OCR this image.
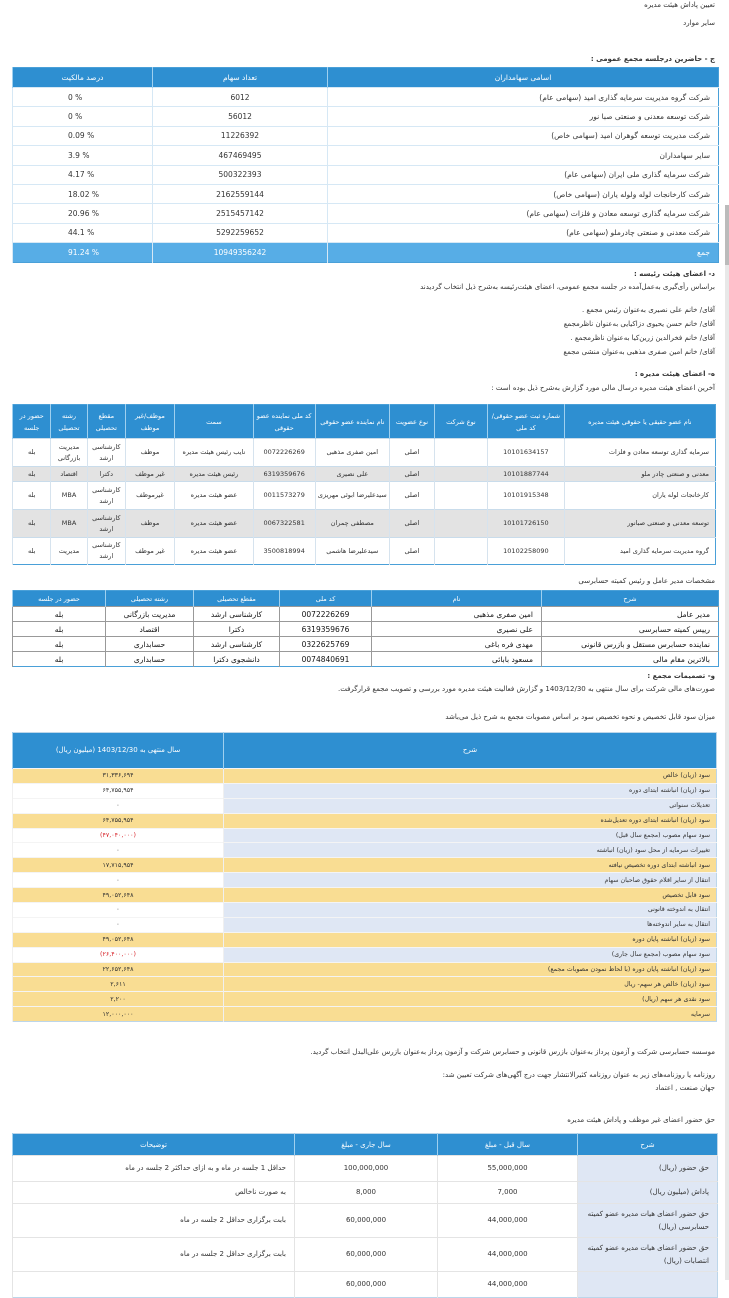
تعیین پاداش هیئت مدیره
سایر موارد
ج - حاضرین درجلسه مجمع عمومی :
اسامی سهامداران	تعداد سهام	درصد مالکیت
شرکت گروه مدیریت سرمایه گذاری امید (سهامی عام)	6012	% 0
شرکت توسعه معدنی و صنعتی صبا نور	56012	% 0
شرکت مدیریت توسعه گوهران امید (سهامی خاص)	11226392	% 0.09
سایر سهامداران	467469495	% 3.9
شرکت سرمایه گذاری ملی ایران (سهامی عام)	500322393	% 4.17
شرکت کارخانجات لوله ولوله یاران (سهامی خاص)	2162559144	% 18.02
شرکت سرمایه گذاری توسعه معادن و فلزات (سهامی عام)	2515457142	% 20.96
شرکت معدنی و صنعتی چادرملو (سهامی عام)	5292259652	% 44.1
جمع	10949356242	% 91.24
د- اعضای هیئت رئیسه :
براساس رأی‌گیری به‌عمل‌آمده در جلسه مجمع عمومی، اعضای هیئت‌رئیسه به‌شرح ذیل انتخاب گردیدند
آقای/ خانم علی نصیری به‌عنوان رئیس مجمع .
آقای/ خانم حسن یحیوی دزاکیایی به‌عنوان ناظرمجمع
آقای/ خانم فخرالدین زرین‌کیا به‌عنوان ناظرمجمع .
آقای/ خانم امین صفری مذهبی به‌عنوان منشی مجمع
ه- اعضای هیئت مدیره :
آخرین اعضای هیئت مدیره درسال مالی مورد گزارش به‌شرح ذیل بوده است :
نام عضو حقیقی یا حقوقی هیئت مدیره	شماره ثبت عضو حقوقی/کد ملی	نوع شرکت	نوع عضویت	نام نماینده عضو حقوقی	کد ملی نماینده عضو حقوقی	سمت	موظف/غیر موظف	مقطع تحصیلی	رشته تحصیلی	حضور در جلسه
سرمایه گذاری توسعه معادن و فلزات	10101634157		اصلی	امین صفری مذهبی	0072226269	نایب رئیس هیئت مدیره	موظف	کارشناسی ارشد	مدیریت بازرگانی	بله
معدنی و صنعتی چادر ملو	10101887744		اصلی	علی نصیری	6319359676	رئیس هیئت مدیره	غیر موظف	دکترا	اقتصاد	بله
کارخانجات لوله یاران	10101915348		اصلی	سیدعلیرضا ابوئی مهریزی	0011573279	عضو هیئت مدیره	غیرموظف	کارشناسی ارشد	MBA	بله
توسعه معدنی و صنعتی صبانور	10101726150		اصلی	مصطفی چمران	0067322581	عضو هیئت مدیره	موظف	کارشناسی ارشد	MBA	بله
گروه مدیریت سرمایه گذاری امید	10102258090		اصلی	سیدعلیرضا هاشمی	3500818994	عضو هیئت مدیره	غیر موظف	کارشناسی ارشد	مدیریت	بله
مشخصات مدیر عامل و رئیس کمیته حسابرسی
شرح	نام	کد ملی	مقطع تحصیلی	رشته تحصیلی	حضور در جلسه
مدیر عامل	امین صفری مذهبی	0072226269	کارشناسی ارشد	مدیریت بازرگانی	بله
رییس کمیته حسابرسی	علی نصیری	6319359676	دکترا	اقتصاد	بله
نماینده حسابرس مستقل و بازرس قانونی	مهدی فره باغی	0322625769	کارشناسی ارشد	حسابداری	بله
بالاترین مقام مالی	مسعود بابائی	0074840691	دانشجوی دکترا	حسابداری	بله
و- تصمیمات مجمع :
صورت‌های مالی شرکت برای سال منتهی به 1403/12/30 و گزارش فعالیت هیئت مدیره مورد بررسی و تصویب مجمع قرارگرفت.
میزان سود قابل تخصیص و نحوه تخصیص سود بر اساس مصوبات مجمع به شرح ذیل می‌باشد
شرح	سال منتهی به 1403/12/30 (میلیون ریال)
سود (زیان) خالص	۳۱,۳۳۶,۶۹۴
سود (زیان) انباشته ابتدای دوره	۶۴,۷۵۵,۹۵۴
تعدیلات سنواتی	۰
سود (زیان) انباشته ابتدای دوره تعدیل‌شده	۶۴,۷۵۵,۹۵۴
سود سهام مصوب (مجمع سال قبل)	(۴۷,۰۴۰,۰۰۰)
تغییرات سرمایه از محل سود (زیان) انباشته	۰
سود انباشته ابتدای دوره تخصیص نیافته	۱۷,۷۱۵,۹۵۴
انتقال از سایر اقلام حقوق صاحبان سهام	۰
سود قابل تخصیص	۴۹,۰۵۲,۶۴۸
انتقال به اندوخته قانونی	۰
انتقال به سایر اندوخته‌ها	۰
سود (زیان) انباشته پایان دوره	۴۹,۰۵۲,۶۴۸
سود سهام مصوب (مجمع سال جاری)	(۲۶,۴۰۰,۰۰۰)
سود (زیان) انباشته پایان دوره (با لحاظ نمودن مصوبات مجمع)	۲۲,۶۵۲,۶۴۸
سود (زیان) خالص هر سهم- ریال	۲,۶۱۱
سود نقدی هر سهم (ریال)	۲,۲۰۰
سرمایه	۱۲,۰۰۰,۰۰۰
موسسه حسابرسی شرکت و آزمون پرداز به‌عنوان بازرس قانونی و حسابرس شرکت و آزمون پرداز به‌عنوان بازرس علی‌البدل انتخاب گردید.
روزنامه یا روزنامه‌های زیر به عنوان روزنامه کثیرالانتشار جهت درج آگهی‌های شرکت تعیین شد:
جهان صنعت , اعتماد
حق حضور اعضای غیر موظف و پاداش هیئت مدیره
شرح	سال قبل - مبلغ	سال جاری - مبلغ	توضیحات
حق حضور (ریال)	55,000,000	100,000,000	حداقل 1 جلسه در ماه و به ازای حداکثر 2 جلسه در ماه
پاداش (میلیون ریال)	7,000	8,000	به صورت ناخالص
حق حضور اعضای هیات مدیره عضو کمیته حسابرسی (ریال)	44,000,000	60,000,000	بابت برگزاری حداقل 2 جلسه در ماه
حق حضور اعضای هیات مدیره عضو کمیته انتصابات (ریال)	44,000,000	60,000,000	بابت برگزاری حداقل 2 جلسه در ماه
	44,000,000	60,000,000	
